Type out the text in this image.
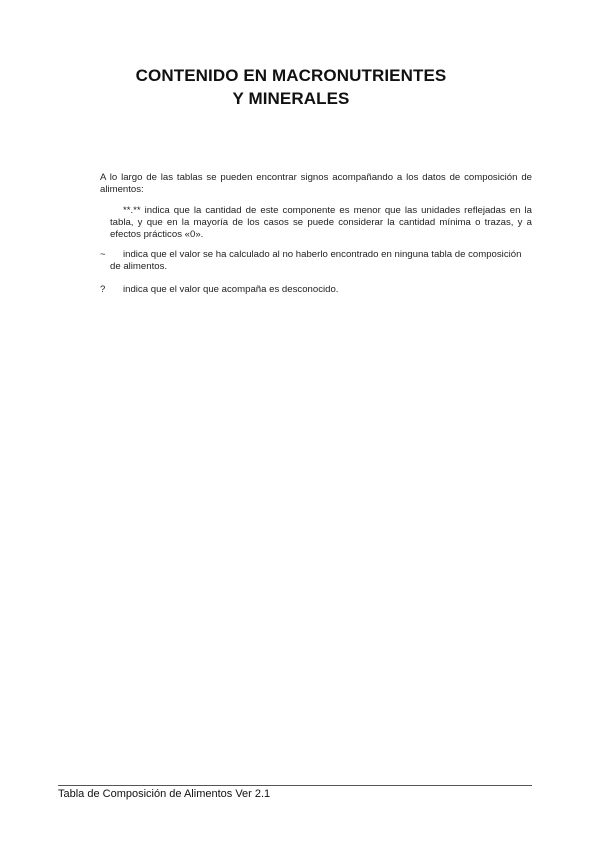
CONTENIDO EN MACRONUTRIENTES
Y MINERALES
A lo largo de las tablas se pueden encontrar signos acompañando a los datos de composición de alimentos:
**.** indica que la cantidad de este componente es menor que las unidades reflejadas en la tabla, y que en la mayoría de los casos se puede considerar la cantidad mínima o trazas, y a efectos prácticos «0».
~	indica que el valor se ha calculado al no haberlo encontrado en ninguna tabla de composición de alimentos.
?	indica que el valor que acompaña es desconocido.
Tabla de Composición de Alimentos Ver 2.1
